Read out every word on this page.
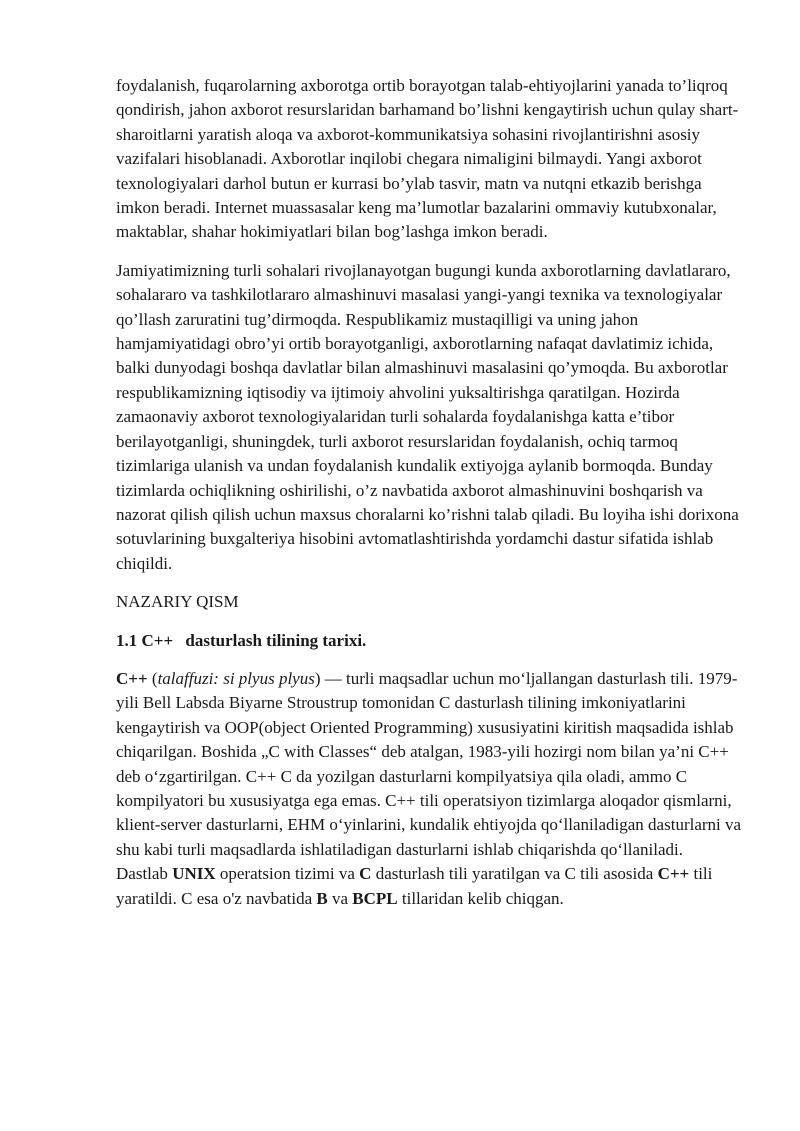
foydalanish, fuqarolarning axborotga ortib borayotgan talab-ehtiyojlarini yanada to’liqroq qondirish, jahon axborot resurslaridan barhamand bo’lishni kengaytirish uchun qulay shart-sharoitlarni yaratish aloqa va axborot-kommunikatsiya sohasini rivojlantirishni asosiy vazifalari hisoblanadi. Axborotlar inqilobi chegara nimaligini bilmaydi. Yangi axborot texnologiyalari darhol butun er kurrasi bo’ylab tasvir, matn va nutqni etkazib berishga imkon beradi. Internet muassasalar keng ma’lumotlar bazalarini ommaviy kutubxonalar, maktablar, shahar hokimiyatlari bilan bog’lashga imkon beradi.

Jamiyatimizning turli sohalari rivojlanayotgan bugungi kunda axborotlarning davlatlararo, sohalararo va tashkilotlararo almashinuvi masalasi yangi-yangi texnika va texnologiyalar qo’llash zaruratini tug’dirmoqda. Respublikamiz mustaqilligi va uning jahon hamjamiyatidagi obro’yi ortib borayotganligi, axborotlarning nafaqat davlatimiz ichida, balki dunyodagi boshqa davlatlar bilan almashinuvi masalasini qo’ymoqda. Bu axborotlar respublikamizning iqtisodiy va ijtimoiy ahvolini yuksaltirishga qaratilgan. Hozirda zamaonaviy axborot texnologiyalaridan turli sohalarda foydalanishga katta e’tibor berilayotganligi, shuningdek, turli axborot resurslaridan foydalanish, ochiq tarmoq tizimlariga ulanish va undan foydalanish kundalik extiyojga aylanib bormoqda. Bunday tizimlarda ochiqlikning oshirilishi, o’z navbatida axborot almashinuvini boshqarish va nazorat qilish qilish uchun maxsus choralarni ko’rishni talab qiladi. Bu loyiha ishi dorixona sotuvlarining buxgalteriya hisobini avtomatlashtirishda yordamchi dastur sifatida ishlab chiqildi.

NAZARIY QISM

1.1 C++ dasturlash tilining tarixi.

C++ (talaffuzi: si plyus plyus) — turli maqsadlar uchun mo‘ljallangan dasturlash tili. 1979-yili Bell Labsda Biyarne Stroustrup tomonidan C dasturlash tilining imkoniyatlarini kengaytirish va OOP(object Oriented Programming) xususiyatini kiritish maqsadida ishlab chiqarilgan. Boshida „C with Classes“ deb atalgan, 1983-yili hozirgi nom bilan ya’ni C++ deb o‘zgartirilgan. C++ C da yozilgan dasturlarni kompilyatsiya qila oladi, ammo C kompilyatori bu xususiyatga ega emas. C++ tili operatsiyon tizimlarga aloqador qismlarni, klient-server dasturlarni, EHM o‘yinlarini, kundalik ehtiyojda qo‘llaniladigan dasturlarni va shu kabi turli maqsadlarda ishlatiladigan dasturlarni ishlab chiqarishda qo‘llaniladi.
Dastlab UNIX operatsion tizimi va C dasturlash tili yaratilgan va C tili asosida C++ tili yaratildi. C esa o'z navbatida B va BCPL tillaridan kelib chiqgan.
